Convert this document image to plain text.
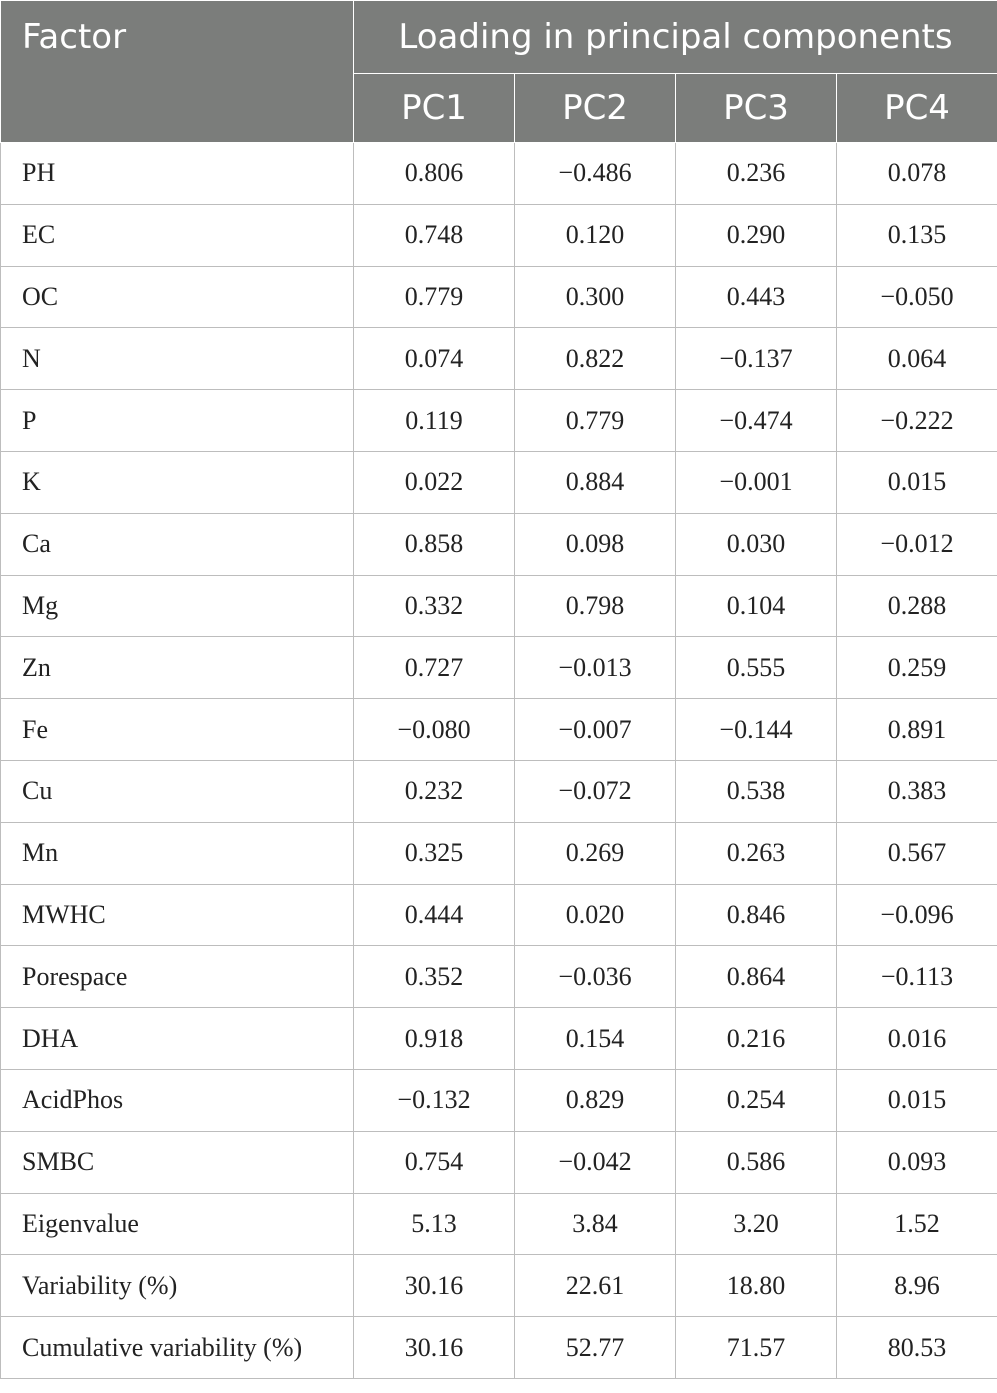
Factor	Loading in principal components			
	PC1	PC2	PC3	PC4
PH	0.806	−0.486	0.236	0.078
EC	0.748	0.120	0.290	0.135
OC	0.779	0.300	0.443	−0.050
N	0.074	0.822	−0.137	0.064
P	0.119	0.779	−0.474	−0.222
K	0.022	0.884	−0.001	0.015
Ca	0.858	0.098	0.030	−0.012
Mg	0.332	0.798	0.104	0.288
Zn	0.727	−0.013	0.555	0.259
Fe	−0.080	−0.007	−0.144	0.891
Cu	0.232	−0.072	0.538	0.383
Mn	0.325	0.269	0.263	0.567
MWHC	0.444	0.020	0.846	−0.096
Porespace	0.352	−0.036	0.864	−0.113
DHA	0.918	0.154	0.216	0.016
AcidPhos	−0.132	0.829	0.254	0.015
SMBC	0.754	−0.042	0.586	0.093
Eigenvalue	5.13	3.84	3.20	1.52
Variability (%)	30.16	22.61	18.80	8.96
Cumulative variability (%)	30.16	52.77	71.57	80.53
